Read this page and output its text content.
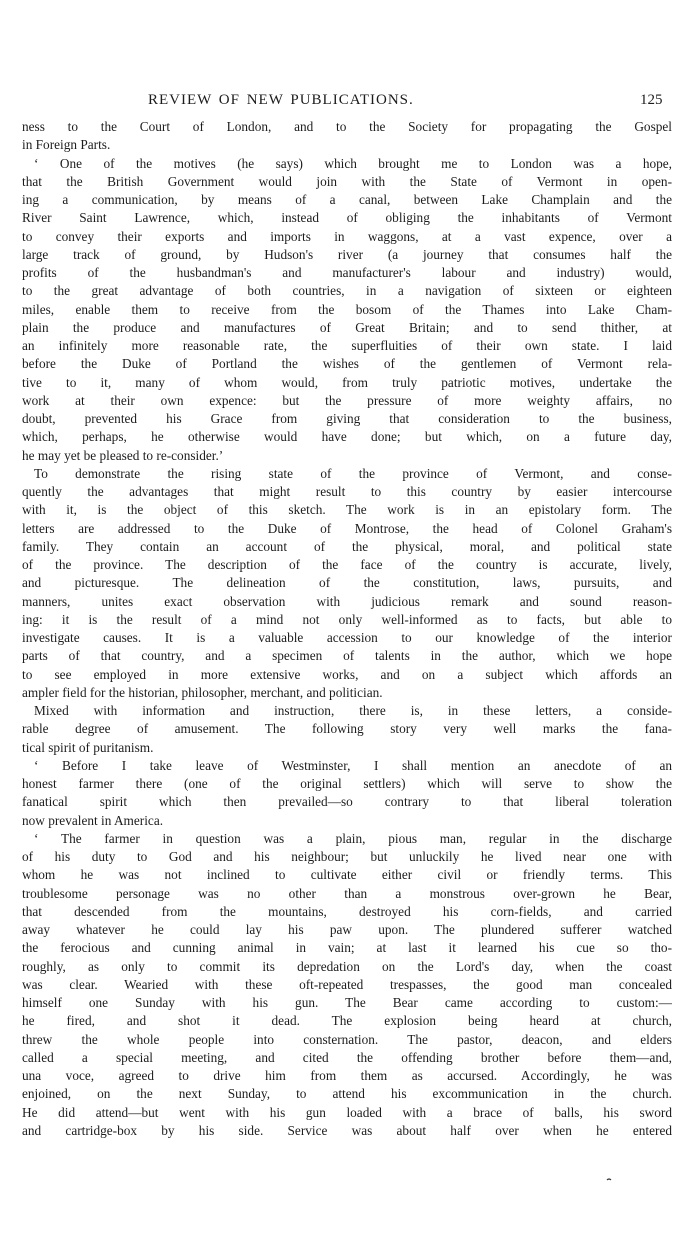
REVIEW OF NEW PUBLICATIONS.	125
ness to the Court of London, and to the Society for propagating the Gospel
in Foreign Parts.
‘ One of the motives (he says) which brought me to London was a hope,
that the British Government would join with the State of Vermont in open-
ing a communication, by means of a canal, between Lake Champlain and the
River Saint Lawrence, which, instead of obliging the inhabitants of Vermont
to convey their exports and imports in waggons, at a vast expence, over a
large track of ground, by Hudson's river (a journey that consumes half the
profits of the husbandman's and manufacturer's labour and industry) would,
to the great advantage of both countries, in a navigation of sixteen or eighteen
miles, enable them to receive from the bosom of the Thames into Lake Cham-
plain the produce and manufactures of Great Britain; and to send thither, at
an infinitely more reasonable rate, the superfluities of their own state. I laid
before the Duke of Portland the wishes of the gentlemen of Vermont rela-
tive to it, many of whom would, from truly patriotic motives, undertake the
work at their own expence: but the pressure of more weighty affairs, no
doubt, prevented his Grace from giving that consideration to the business,
which, perhaps, he otherwise would have done; but which, on a future day,
he may yet be pleased to re-consider.’
To demonstrate the rising state of the province of Vermont, and conse-
quently the advantages that might result to this country by easier intercourse
with it, is the object of this sketch. The work is in an epistolary form. The
letters are addressed to the Duke of Montrose, the head of Colonel Graham's
family. They contain an account of the physical, moral, and political state
of the province. The description of the face of the country is accurate, lively,
and picturesque. The delineation of the constitution, laws, pursuits, and
manners, unites exact observation with judicious remark and sound reason-
ing: it is the result of a mind not only well-informed as to facts, but able to
investigate causes. It is a valuable accession to our knowledge of the interior
parts of that country, and a specimen of talents in the author, which we hope
to see employed in more extensive works, and on a subject which affords an
ampler field for the historian, philosopher, merchant, and politician.
Mixed with information and instruction, there is, in these letters, a conside-
rable degree of amusement. The following story very well marks the fana-
tical spirit of puritanism.
‘ Before I take leave of Westminster, I shall mention an anecdote of an
honest farmer there (one of the original settlers) which will serve to show the
fanatical spirit which then prevailed—so contrary to that liberal toleration
now prevalent in America.
‘ The farmer in question was a plain, pious man, regular in the discharge
of his duty to God and his neighbour; but unluckily he lived near one with
whom he was not inclined to cultivate either civil or friendly terms. This
troublesome personage was no other than a monstrous over-grown he Bear,
that descended from the mountains, destroyed his corn-fields, and carried
away whatever he could lay his paw upon. The plundered sufferer watched
the ferocious and cunning animal in vain; at last it learned his cue so tho-
roughly, as only to commit its depredation on the Lord's day, when the coast
was clear. Wearied with these oft-repeated trespasses, the good man concealed
himself one Sunday with his gun. The Bear came according to custom:—
he fired, and shot it dead. The explosion being heard at church,
threw the whole people into consternation. The pastor, deacon, and elders
called a special meeting, and cited the offending brother before them—and,
una voce, agreed to drive him from them as accursed. Accordingly, he was
enjoined, on the next Sunday, to attend his excommunication in the church.
He did attend—but went with his gun loaded with a brace of balls, his sword
and cartridge-box by his side. Service was about half over when he entered
